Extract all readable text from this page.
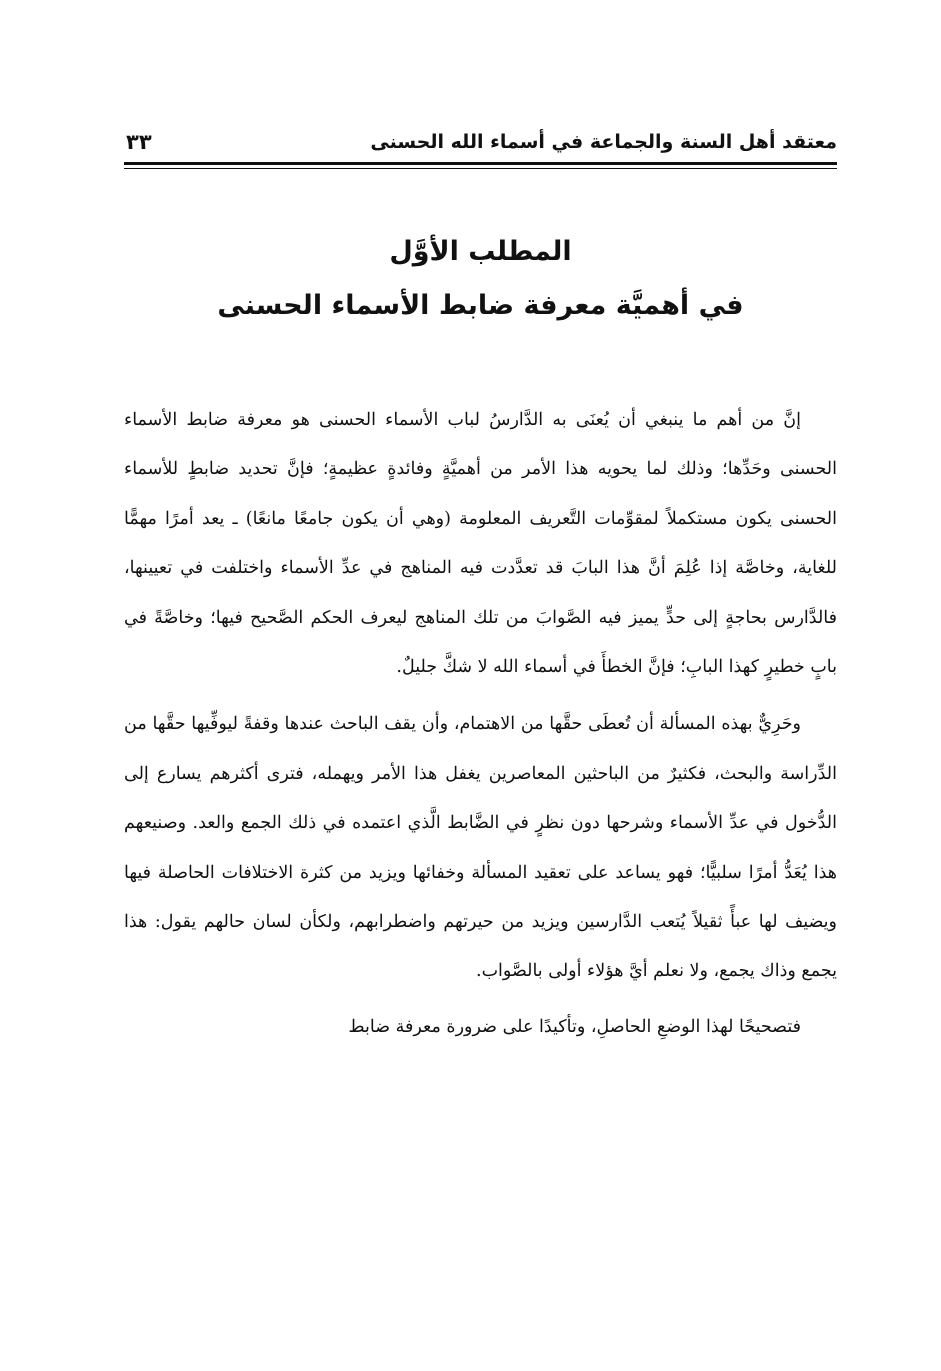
معتقد أهل السنة والجماعة في أسماء الله الحسنى
٣٣
المطلب الأوَّل
في أهميَّة معرفة ضابط الأسماء الحسنى

إنَّ من أهم ما ينبغي أن يُعنَى به الدَّارسُ لباب الأسماء الحسنى هو معرفة ضابط الأسماء الحسنى وحَدِّها؛ وذلك لما يحويه هذا الأمر من أهميَّةٍ وفائدةٍ عظيمةٍ؛ فإنَّ تحديد ضابطٍ للأسماء الحسنى يكون مستكملاً لمقوِّمات التَّعريف المعلومة (وهي أن يكون جامعًا مانعًا) ـ يعد أمرًا مهمًّا للغاية، وخاصَّة إذا عُلِمَ أنَّ هذا البابَ قد تعدَّدت فيه المناهج في عدِّ الأسماء واختلفت في تعيينها، فالدَّارس بحاجةٍ إلى حدٍّ يميز فيه الصَّوابَ من تلك المناهج ليعرف الحكم الصَّحيح فيها؛ وخاصَّةً في بابٍ خطيرٍ كهذا البابِ؛ فإنَّ الخطأَ في أسماء الله لا شكَّ جليلٌ.

وحَرِيٌّ بهذه المسألة أن تُعطَى حقَّها من الاهتمام، وأن يقف الباحث عندها وقفةً ليوفِّيها حقَّها من الدِّراسة والبحث، فكثيرٌ من الباحثين المعاصرين يغفل هذا الأمر ويهمله، فترى أكثرهم يسارع إلى الدُّخول في عدِّ الأسماء وشرحها دون نظرٍ في الضَّابط الَّذي اعتمده في ذلك الجمع والعد. وصنيعهم هذا يُعَدُّ أمرًا سلبيًّا؛ فهو يساعد على تعقيد المسألة وخفائها ويزيد من كثرة الاختلافات الحاصلة فيها ويضيف لها عبأً ثقيلاً يُتعب الدَّارسين ويزيد من حيرتهم واضطرابهم، ولكأن لسان حالهم يقول: هذا يجمع وذاك يجمع، ولا نعلم أيَّ هؤلاء أولى بالصَّواب.

فتصحيحًا لهذا الوضعِ الحاصلِ، وتأكيدًا على ضرورة معرفة ضابط
